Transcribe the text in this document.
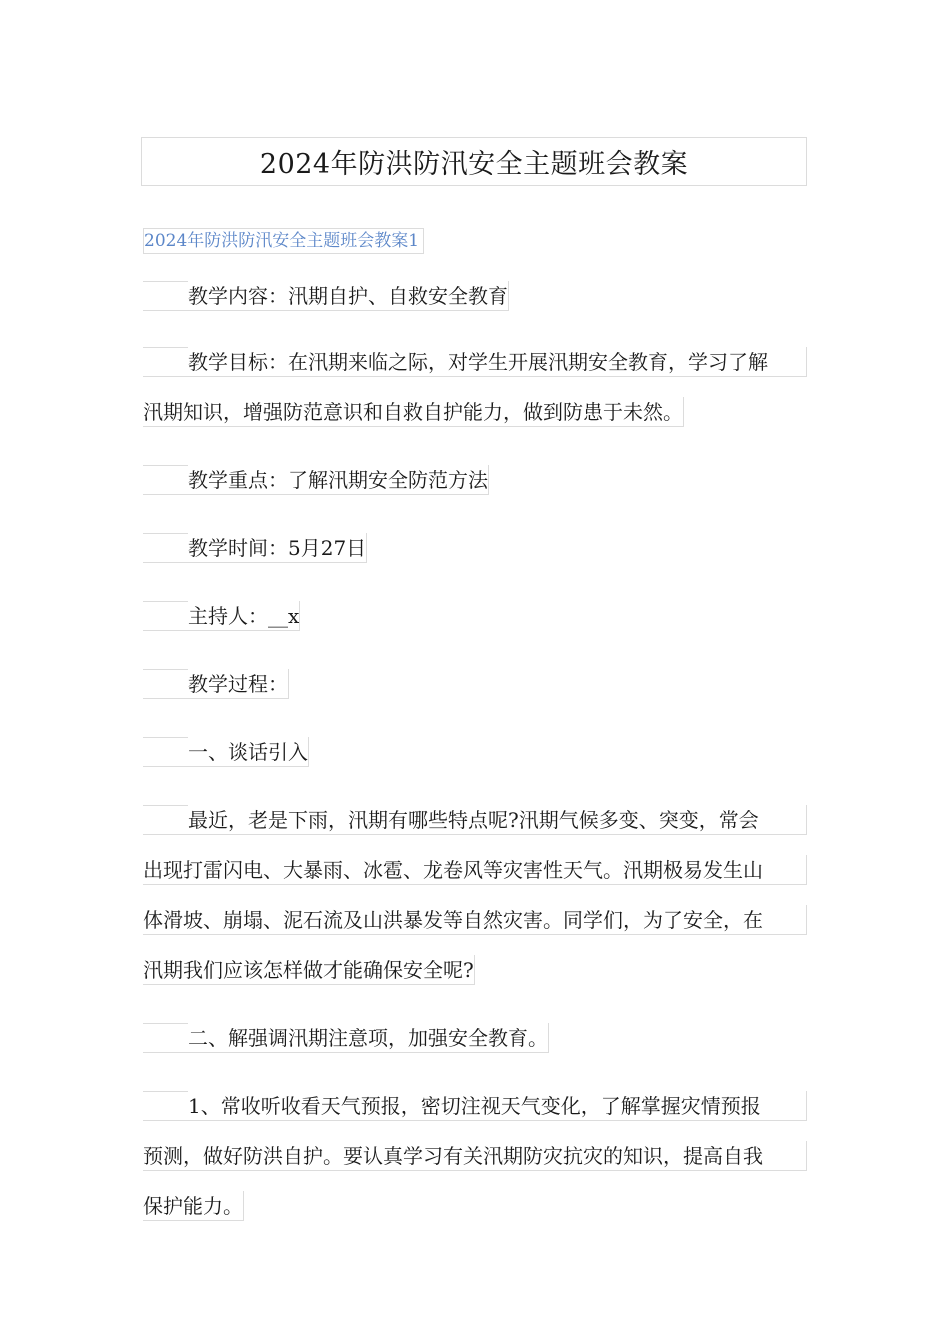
2024年防洪防汛安全主题班会教案
2024年防洪防汛安全主题班会教案1
教学内容：汛期自护、自救安全教育
教学目标：在汛期来临之际，对学生开展汛期安全教育，学习了解
汛期知识，增强防范意识和自救自护能力，做到防患于未然。
教学重点：了解汛期安全防范方法
教学时间：5月27日
主持人：__x
教学过程：
一、谈话引入
最近，老是下雨，汛期有哪些特点呢?汛期气候多变、突变，常会
出现打雷闪电、大暴雨、冰雹、龙卷风等灾害性天气。汛期极易发生山
体滑坡、崩塌、泥石流及山洪暴发等自然灾害。同学们，为了安全，在
汛期我们应该怎样做才能确保安全呢?
二、解强调汛期注意项，加强安全教育。
1、常收听收看天气预报，密切注视天气变化，了解掌握灾情预报
预测，做好防洪自护。要认真学习有关汛期防灾抗灾的知识，提高自我
保护能力。
